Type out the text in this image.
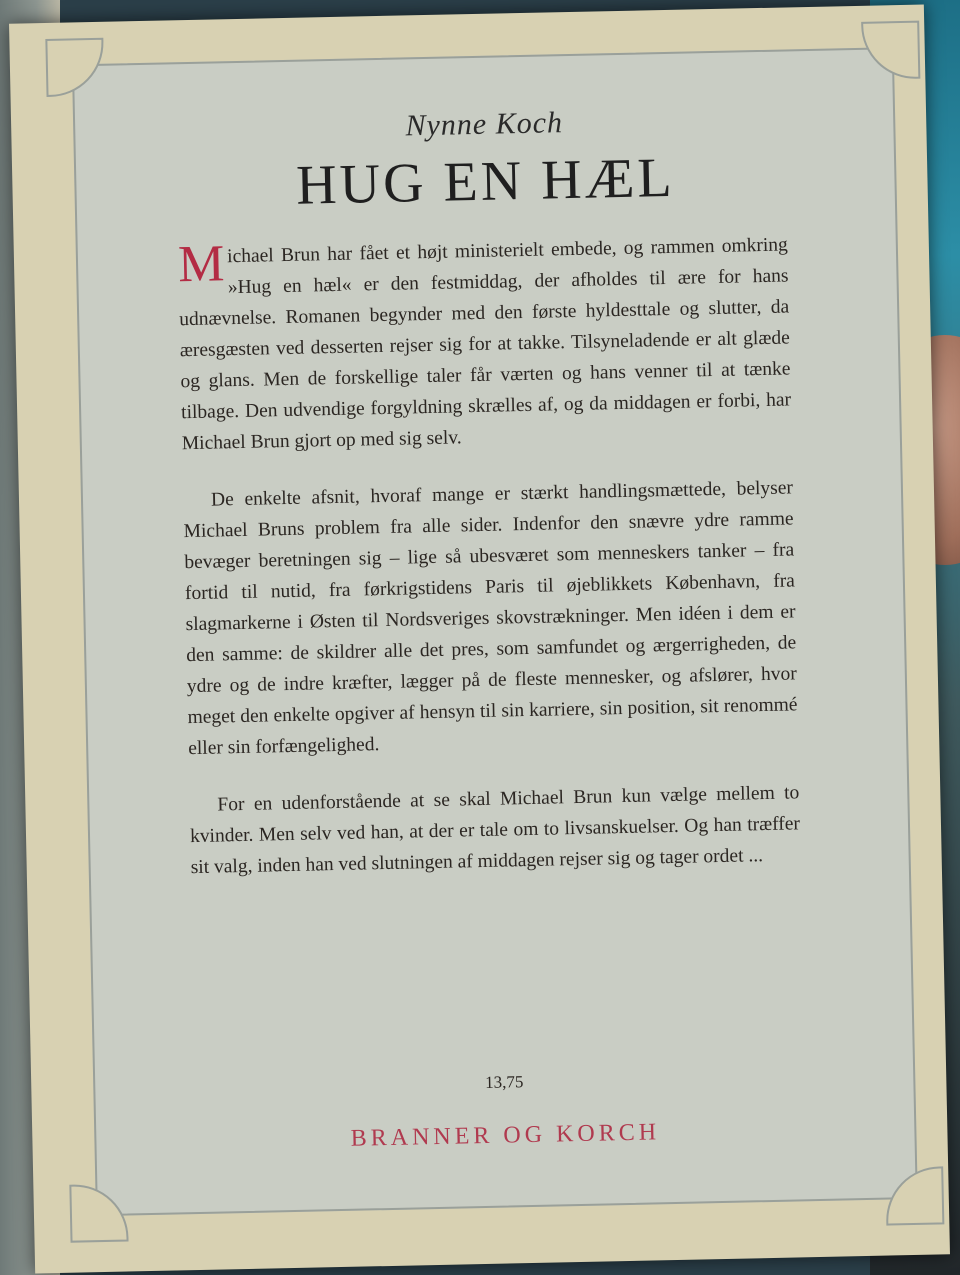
Nynne Koch
HUG EN HÆL

Michael Brun har fået et højt ministerielt embede, og rammen omkring »Hug en hæl« er den festmiddag, der afholdes til ære for hans udnævnelse. Romanen begynder med den første hyldesttale og slutter, da æresgæsten ved desserten rejser sig for at takke. Tilsyneladende er alt glæde og glans. Men de forskellige taler får værten og hans venner til at tænke tilbage. Den udvendige forgyldning skrælles af, og da middagen er forbi, har Michael Brun gjort op med sig selv.

De enkelte afsnit, hvoraf mange er stærkt handlingsmættede, belyser Michael Bruns problem fra alle sider. Indenfor den snævre ydre ramme bevæger beretningen sig – lige så ubesværet som menneskers tanker – fra fortid til nutid, fra førkrigstidens Paris til øjeblikkets København, fra slagmarkerne i Østen til Nordsveriges skovstrækninger. Men idéen i dem er den samme: de skildrer alle det pres, som samfundet og ærgerrigheden, de ydre og de indre kræfter, lægger på de fleste mennesker, og afslører, hvor meget den enkelte opgiver af hensyn til sin karriere, sin position, sit renommé eller sin forfængelighed.

For en udenforstående at se skal Michael Brun kun vælge mellem to kvinder. Men selv ved han, at der er tale om to livsanskuelser. Og han træffer sit valg, inden han ved slutningen af middagen rejser sig og tager ordet ...

13,75
BRANNER OG KORCH
